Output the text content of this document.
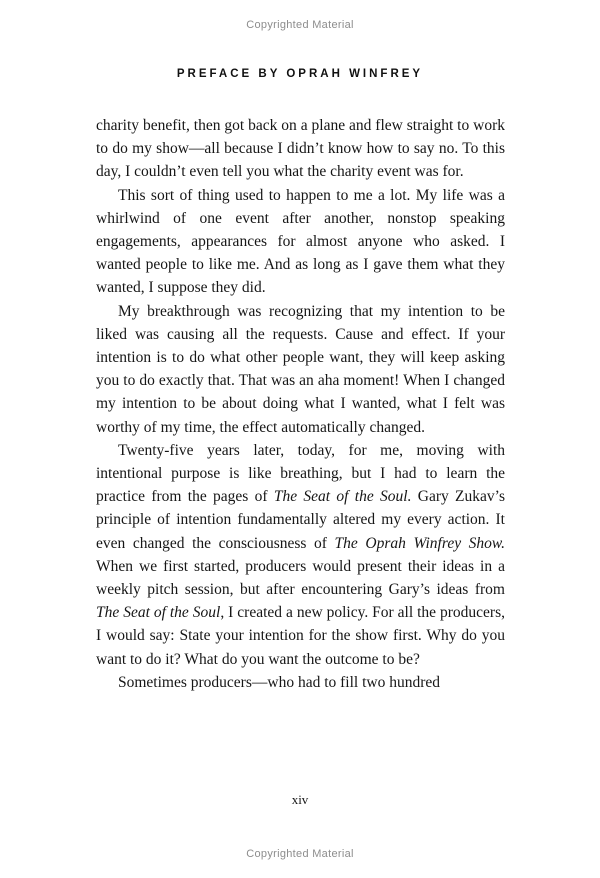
Copyrighted Material
PREFACE BY OPRAH WINFREY

charity benefit, then got back on a plane and flew straight to work to do my show—all because I didn’t know how to say no. To this day, I couldn’t even tell you what the charity event was for.

This sort of thing used to happen to me a lot. My life was a whirlwind of one event after another, nonstop speaking engagements, appearances for almost anyone who asked. I wanted people to like me. And as long as I gave them what they wanted, I suppose they did.

My breakthrough was recognizing that my intention to be liked was causing all the requests. Cause and effect. If your intention is to do what other people want, they will keep asking you to do exactly that. That was an aha moment! When I changed my intention to be about doing what I wanted, what I felt was worthy of my time, the effect automatically changed.

Twenty-five years later, today, for me, moving with intentional purpose is like breathing, but I had to learn the practice from the pages of The Seat of the Soul. Gary Zukav’s principle of intention fundamentally altered my every action. It even changed the consciousness of The Oprah Winfrey Show. When we first started, producers would present their ideas in a weekly pitch session, but after encountering Gary’s ideas from The Seat of the Soul, I created a new policy. For all the producers, I would say: State your intention for the show first. Why do you want to do it? What do you want the outcome to be?

Sometimes producers—who had to fill two hundred

xiv
Copyrighted Material
